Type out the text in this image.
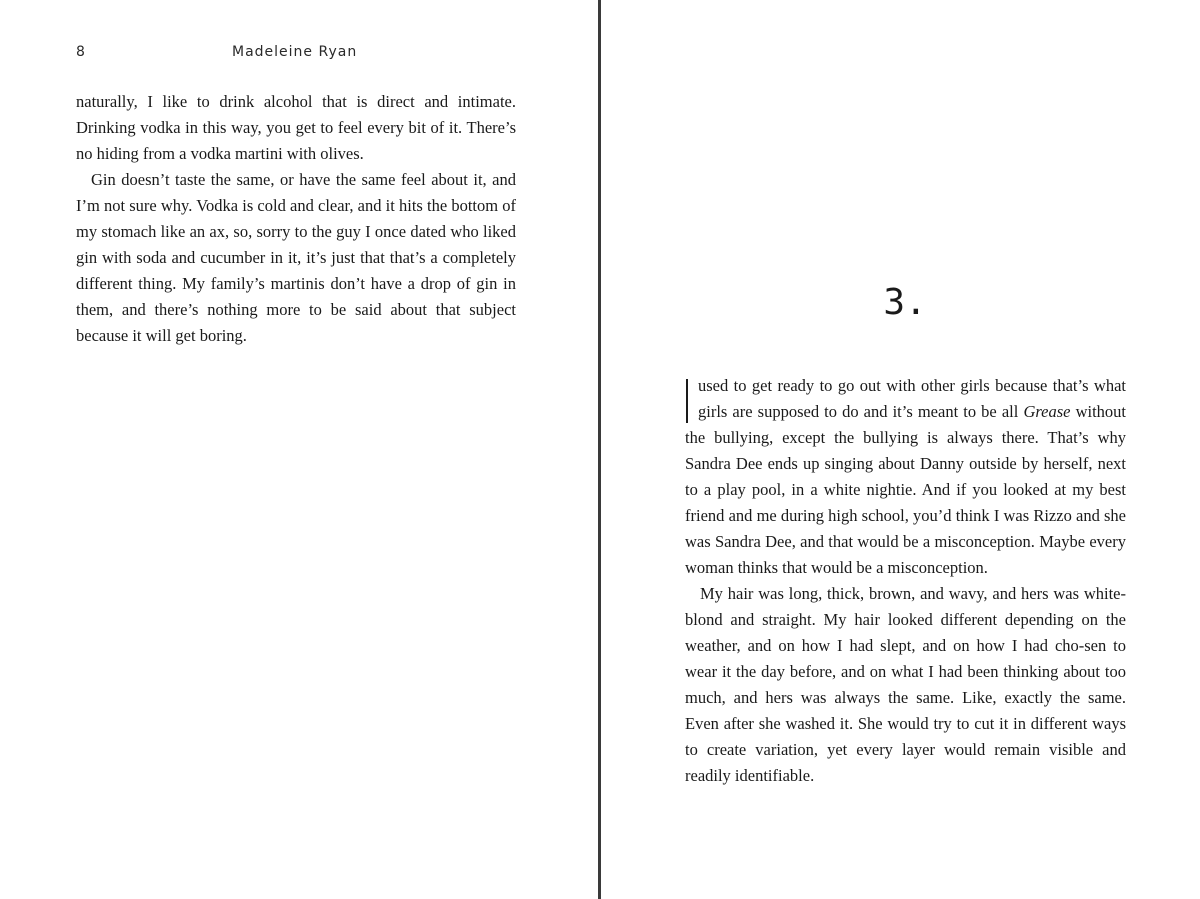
8	Madeleine Ryan

naturally, I like to drink alcohol that is direct and intimate. Drinking vodka in this way, you get to feel every bit of it. There’s no hiding from a vodka martini with olives.

Gin doesn’t taste the same, or have the same feel about it, and I’m not sure why. Vodka is cold and clear, and it hits the bottom of my stomach like an ax, so, sorry to the guy I once dated who liked gin with soda and cucumber in it, it’s just that that’s a completely different thing. My family’s martinis don’t have a drop of gin in them, and there’s nothing more to be said about that subject because it will get boring.

3.

used to get ready to go out with other girls because that’s what girls are supposed to do and it’s meant to be all Grease without the bullying, except the bullying is always there. That’s why Sandra Dee ends up singing about Danny outside by herself, next to a play pool, in a white nightie. And if you looked at my best friend and me during high school, you’d think I was Rizzo and she was Sandra Dee, and that would be a misconception. Maybe every woman thinks that would be a misconception.

My hair was long, thick, brown, and wavy, and hers was white-blond and straight. My hair looked different depending on the weather, and on how I had slept, and on how I had cho-sen to wear it the day before, and on what I had been thinking about too much, and hers was always the same. Like, exactly the same. Even after she washed it. She would try to cut it in different ways to create variation, yet every layer would remain visible and readily identifiable.
